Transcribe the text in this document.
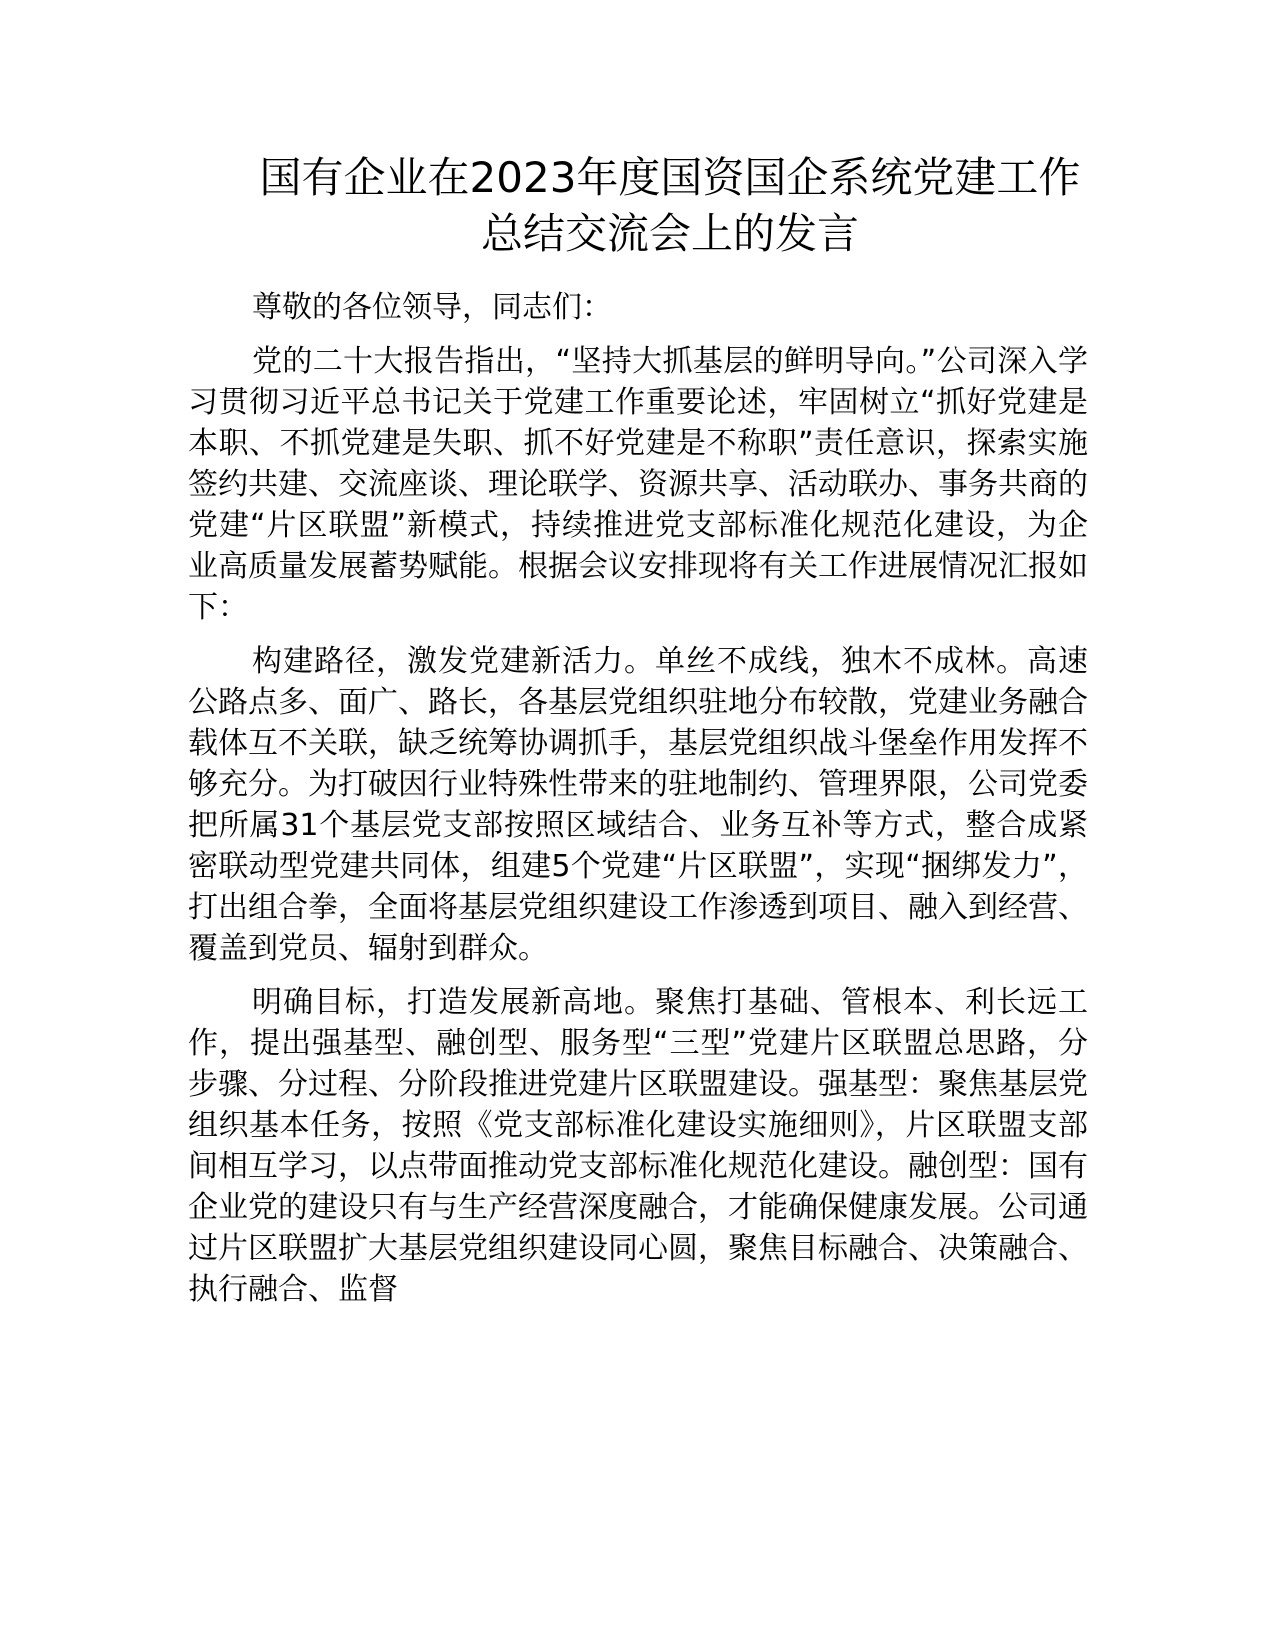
国有企业在2023年度国资国企系统党建工作总结交流会上的发言

尊敬的各位领导，同志们：

党的二十大报告指出，“坚持大抓基层的鲜明导向。”公司深入学习贯彻习近平总书记关于党建工作重要论述，牢固树立“抓好党建是本职、不抓党建是失职、抓不好党建是不称职”责任意识，探索实施签约共建、交流座谈、理论联学、资源共享、活动联办、事务共商的党建“片区联盟”新模式，持续推进党支部标准化规范化建设，为企业高质量发展蓄势赋能。根据会议安排现将有关工作进展情况汇报如下：

构建路径，激发党建新活力。单丝不成线，独木不成林。高速公路点多、面广、路长，各基层党组织驻地分布较散，党建业务融合载体互不关联，缺乏统筹协调抓手，基层党组织战斗堡垒作用发挥不够充分。为打破因行业特殊性带来的驻地制约、管理界限，公司党委把所属31个基层党支部按照区域结合、业务互补等方式，整合成紧密联动型党建共同体，组建5个党建“片区联盟”，实现“捆绑发力”，打出组合拳，全面将基层党组织建设工作渗透到项目、融入到经营、覆盖到党员、辐射到群众。

明确目标，打造发展新高地。聚焦打基础、管根本、利长远工作，提出强基型、融创型、服务型“三型”党建片区联盟总思路，分步骤、分过程、分阶段推进党建片区联盟建设。强基型：聚焦基层党组织基本任务，按照《党支部标准化建设实施细则》，片区联盟支部间相互学习，以点带面推动党支部标准化规范化建设。融创型：国有企业党的建设只有与生产经营深度融合，才能确保健康发展。公司通过片区联盟扩大基层党组织建设同心圆，聚焦目标融合、决策融合、执行融合、监督
